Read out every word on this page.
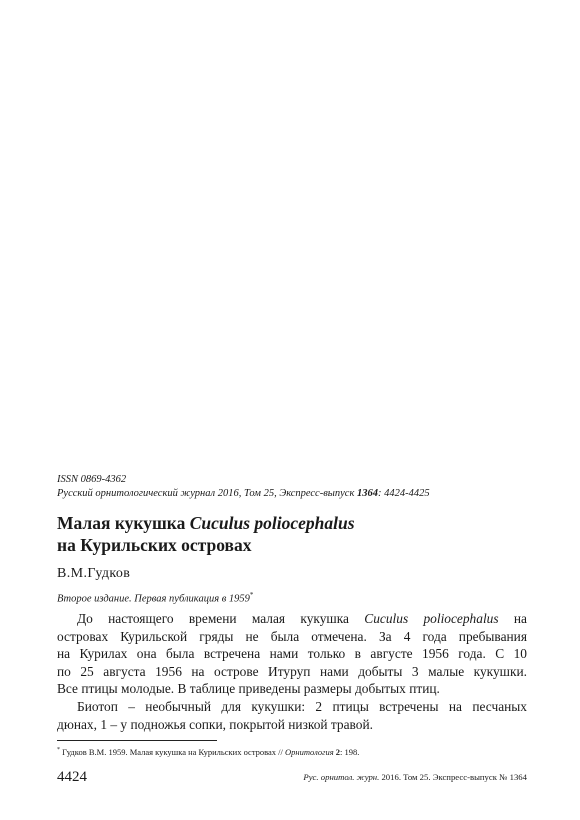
ISSN 0869-4362
Русский орнитологический журнал 2016, Том 25, Экспресс-выпуск 1364: 4424-4425
Малая кукушка Cuculus poliocephalus
на Курильских островах
В.М.Гудков
Второе издание. Первая публикация в 1959*
До настоящего времени малая кукушка Cuculus poliocephalus на
островах Курильской гряды не была отмечена. За 4 года пребывания
на Курилах она была встречена нами только в августе 1956 года. С 10
по 25 августа 1956 на острове Итуруп нами добыты 3 малые кукушки.
Все птицы молодые. В таблице приведены размеры добытых птиц.
Биотоп – необычный для кукушки: 2 птицы встречены на песчаных
дюнах, 1 – у подножья сопки, покрытой низкой травой.
* Гудков В.М. 1959. Малая кукушка на Курильских островах // Орнитология 2: 198.
4424	Рус. орнитол. журн. 2016. Том 25. Экспресс-выпуск № 1364
